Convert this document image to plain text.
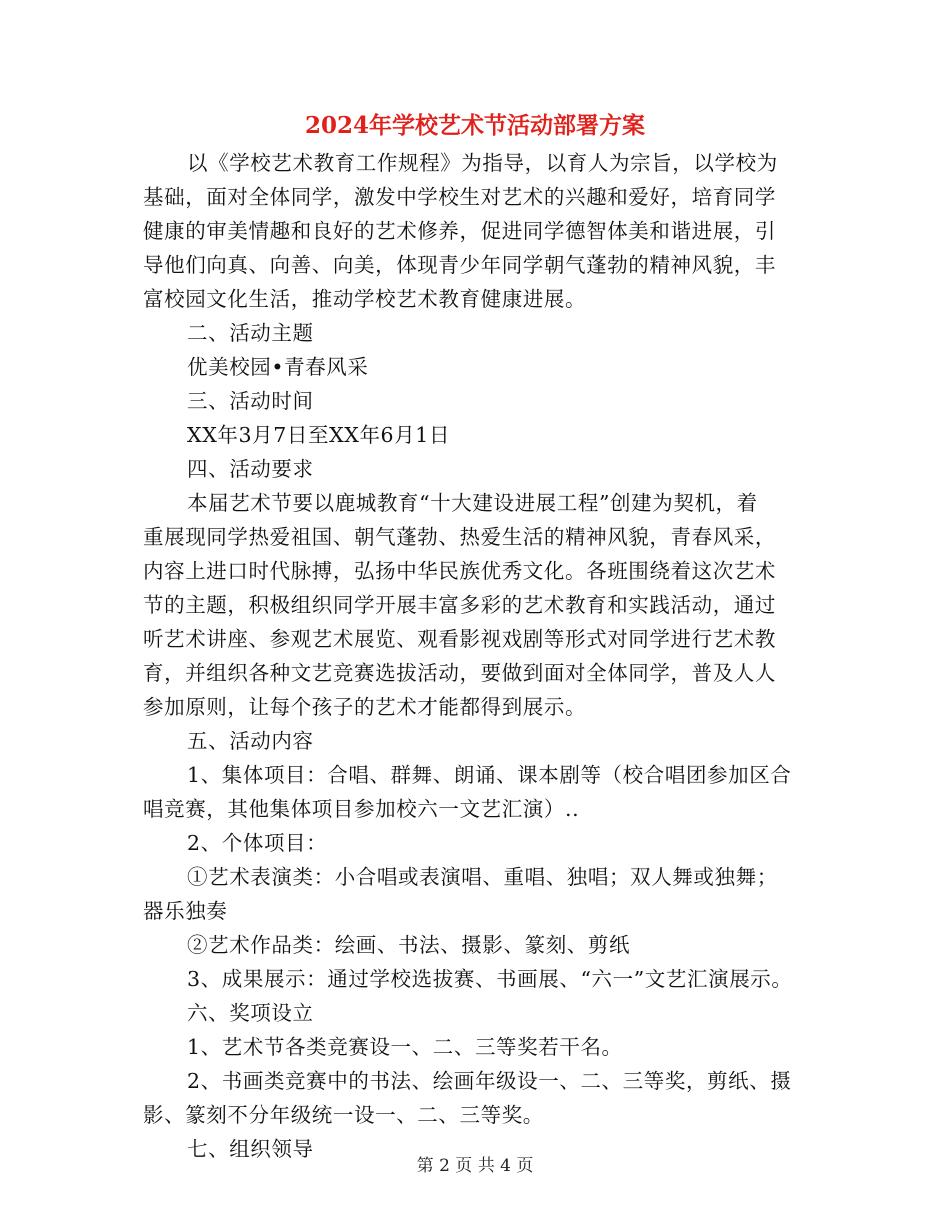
2024年学校艺术节活动部署方案
以《学校艺术教育工作规程》为指导，以育人为宗旨，以学校为
基础，面对全体同学，激发中学校生对艺术的兴趣和爱好，培育同学
健康的审美情趣和良好的艺术修养，促进同学德智体美和谐进展，引
导他们向真、向善、向美，体现青少年同学朝气蓬勃的精神风貌，丰
富校园文化生活，推动学校艺术教育健康进展。
二、活动主题
优美校园•青春风采
三、活动时间
XX年3月7日至XX年6月1日
四、活动要求
本届艺术节要以鹿城教育“十大建设进展工程”创建为契机，着
重展现同学热爱祖国、朝气蓬勃、热爱生活的精神风貌，青春风采，
内容上进口时代脉搏，弘扬中华民族优秀文化。各班围绕着这次艺术
节的主题，积极组织同学开展丰富多彩的艺术教育和实践活动，通过
听艺术讲座、参观艺术展览、观看影视戏剧等形式对同学进行艺术教
育，并组织各种文艺竞赛选拔活动，要做到面对全体同学，普及人人
参加原则，让每个孩子的艺术才能都得到展示。
五、活动内容
1、集体项目：合唱、群舞、朗诵、课本剧等（校合唱团参加区合
唱竞赛，其他集体项目参加校六一文艺汇演）..
2、个体项目：
①艺术表演类：小合唱或表演唱、重唱、独唱；双人舞或独舞；
器乐独奏
②艺术作品类：绘画、书法、摄影、篆刻、剪纸
3、成果展示：通过学校选拔赛、书画展、“六一”文艺汇演展示。
六、奖项设立
1、艺术节各类竞赛设一、二、三等奖若干名。
2、书画类竞赛中的书法、绘画年级设一、二、三等奖，剪纸、摄
影、篆刻不分年级统一设一、二、三等奖。
七、组织领导
第 2 页 共 4 页
